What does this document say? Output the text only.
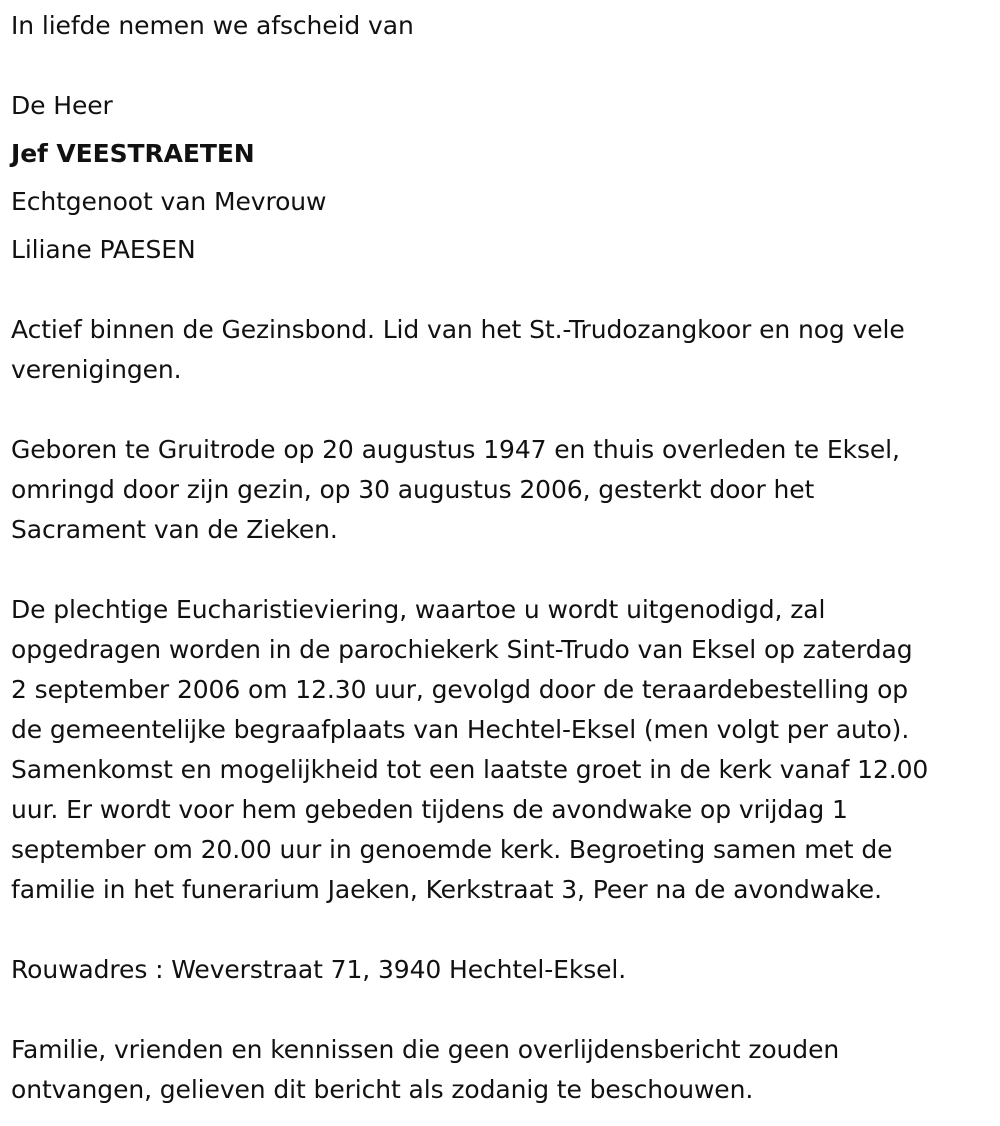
In liefde nemen we afscheid van

De Heer

Jef VEESTRAETEN

Echtgenoot van Mevrouw

Liliane PAESEN

Actief binnen de Gezinsbond. Lid van het St.-Trudozangkoor en nog vele
verenigingen.
Geboren te Gruitrode op 20 augustus 1947 en thuis overleden te Eksel,
omringd door zijn gezin, op 30 augustus 2006, gesterkt door het
Sacrament van de Zieken.
De plechtige Eucharistieviering, waartoe u wordt uitgenodigd, zal
opgedragen worden in de parochiekerk Sint-Trudo van Eksel op zaterdag
2 september 2006 om 12.30 uur, gevolgd door de teraardebestelling op
de gemeentelijke begraafplaats van Hechtel-Eksel (men volgt per auto).
Samenkomst en mogelijkheid tot een laatste groet in de kerk vanaf 12.00
uur. Er wordt voor hem gebeden tijdens de avondwake op vrijdag 1
september om 20.00 uur in genoemde kerk. Begroeting samen met de
familie in het funerarium Jaeken, Kerkstraat 3, Peer na de avondwake.
Rouwadres : Weverstraat 71, 3940 Hechtel-Eksel.
Familie, vrienden en kennissen die geen overlijdensbericht zouden
ontvangen, gelieven dit bericht als zodanig te beschouwen.
